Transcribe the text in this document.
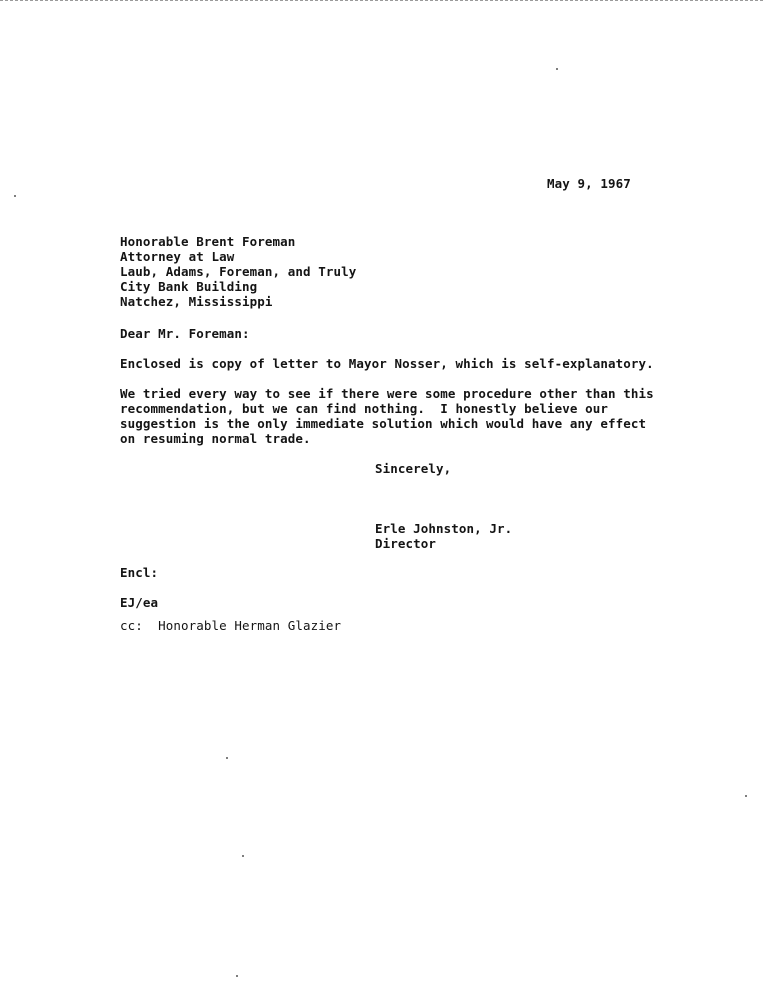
May 9, 1967
Honorable Brent Foreman
Attorney at Law
Laub, Adams, Foreman, and Truly
City Bank Building
Natchez, Mississippi
Dear Mr. Foreman:
Enclosed is copy of letter to Mayor Nosser, which is self-explanatory.
We tried every way to see if there were some procedure other than this
recommendation, but we can find nothing.  I honestly believe our
suggestion is the only immediate solution which would have any effect
on resuming normal trade.
Sincerely,
Erle Johnston, Jr.
Director
Encl:
EJ/ea
cc:  Honorable Herman Glazier
